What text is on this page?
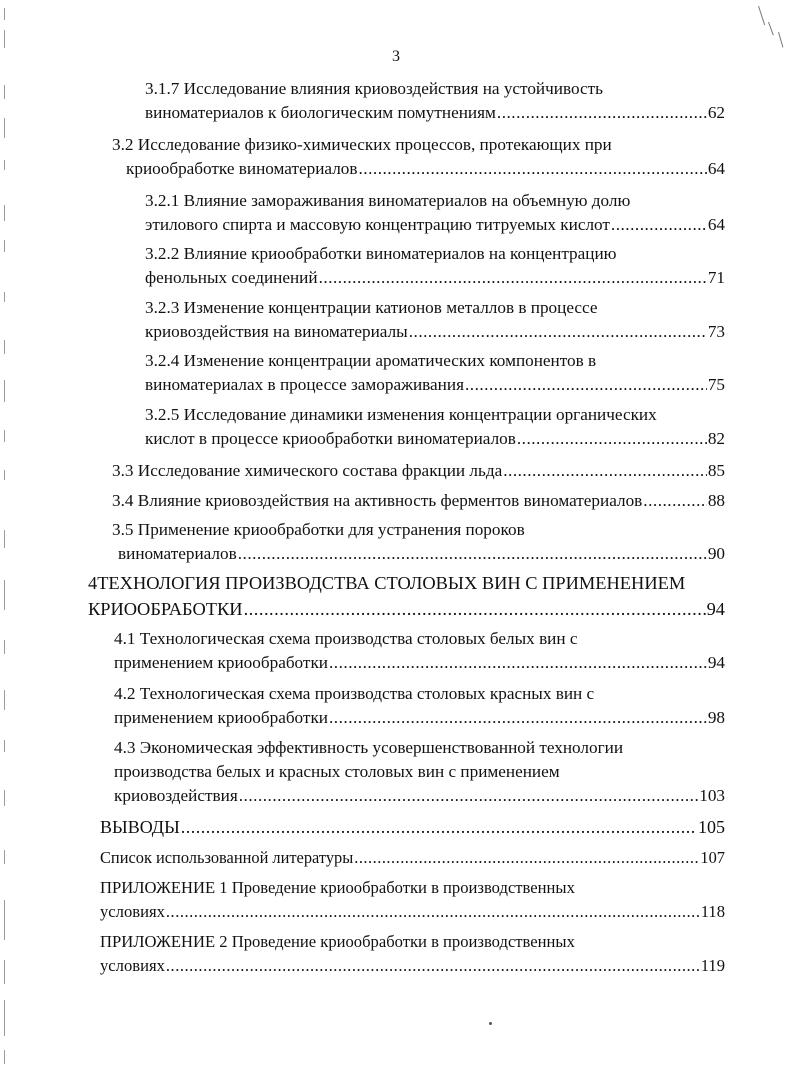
3
3.1.7 Исследование влияния криовоздействия на устойчивость
виноматериалов к биологическим помутнениям .....	62
3.2 Исследование физико-химических процессов, протекающих при
криообработке виноматериалов .....	64
3.2.1 Влияние замораживания виноматериалов на объемную долю
этилового спирта и массовую концентрацию титруемых кислот .....	64
3.2.2 Влияние криообработки виноматериалов на концентрацию
фенольных соединений .....	71
3.2.3 Изменение концентрации катионов металлов в процессе
криовоздействия на виноматериалы .....	73
3.2.4 Изменение концентрации ароматических компонентов в
виноматериалах в процессе замораживания .....	75
3.2.5 Исследование динамики изменения концентрации органических
кислот в процессе криообработки виноматериалов .....	82
3.3 Исследование химического состава фракции льда .....	85
3.4 Влияние криовоздействия на активность ферментов виноматериалов .....	88
3.5 Применение криообработки для устранения пороков
виноматериалов .....	90
4ТЕХНОЛОГИЯ ПРОИЗВОДСТВА СТОЛОВЫХ ВИН С ПРИМЕНЕНИЕМ
КРИООБРАБОТКИ .....	94
4.1 Технологическая схема производства столовых белых вин с
применением криообработки .....	94
4.2 Технологическая схема производства столовых красных вин с
применением криообработки .....	98
4.3 Экономическая эффективность усовершенствованной технологии
производства белых и красных столовых вин с применением
криовоздействия .....	103
ВЫВОДЫ .....	105
Список использованной литературы .....	107
ПРИЛОЖЕНИЕ 1 Проведение криообработки в производственных
условиях .....	118
ПРИЛОЖЕНИЕ 2 Проведение криообработки в производственных
условиях .....	119
